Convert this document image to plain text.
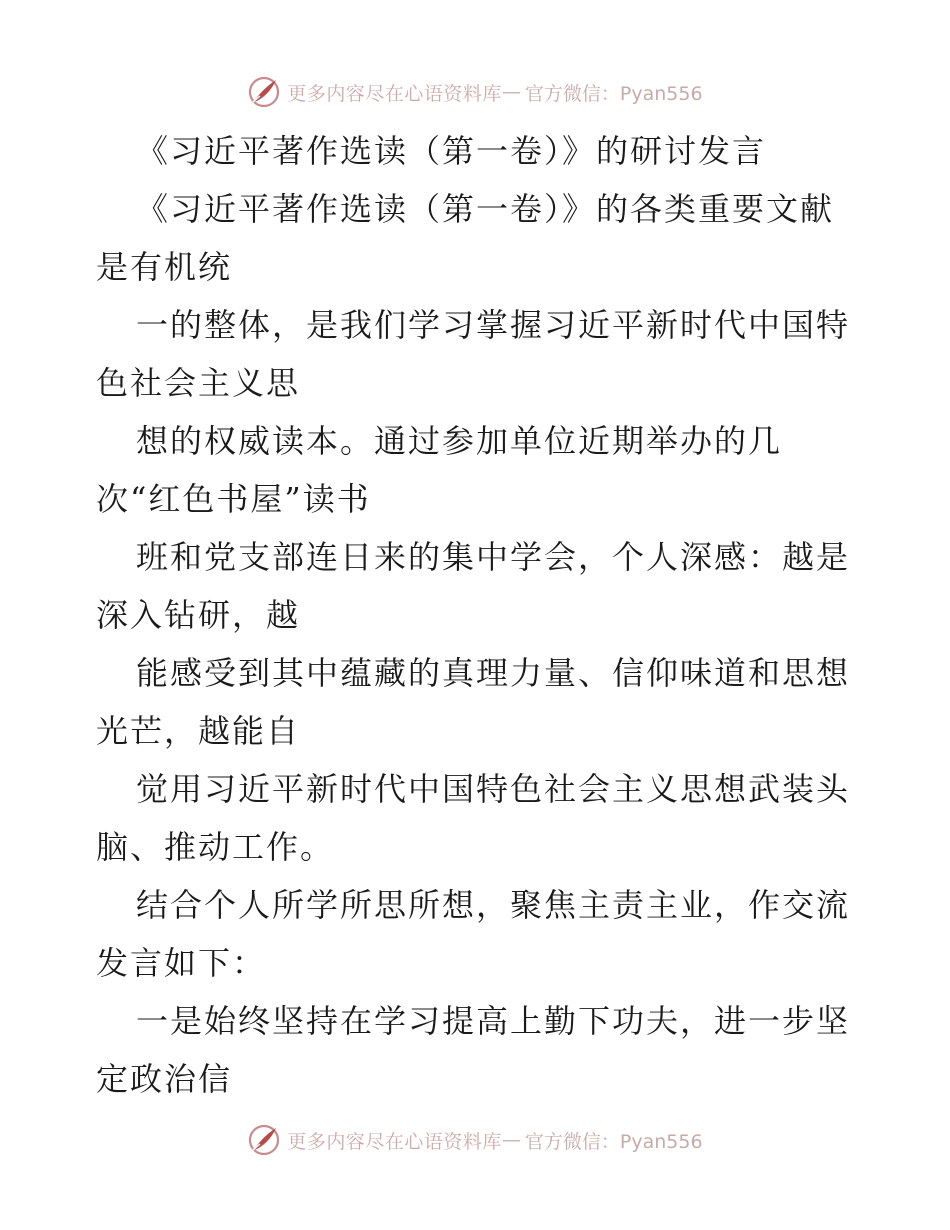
更多内容尽在心语资料库 — 官方微信：Pyan556
《习近平著作选读（第一卷）》的研讨发言
《习近平著作选读（第一卷）》的各类重要文献
是有机统
一的整体，是我们学习掌握习近平新时代中国特
色社会主义思
想的权威读本。通过参加单位近期举办的几
次“红色书屋”读书
班和党支部连日来的集中学会，个人深感：越是
深入钻研，越
能感受到其中蕴藏的真理力量、信仰味道和思想
光芒，越能自
觉用习近平新时代中国特色社会主义思想武装头
脑、推动工作。
结合个人所学所思所想，聚焦主责主业，作交流
发言如下：
一是始终坚持在学习提高上勤下功夫，进一步坚
定政治信
更多内容尽在心语资料库 — 官方微信：Pyan556
